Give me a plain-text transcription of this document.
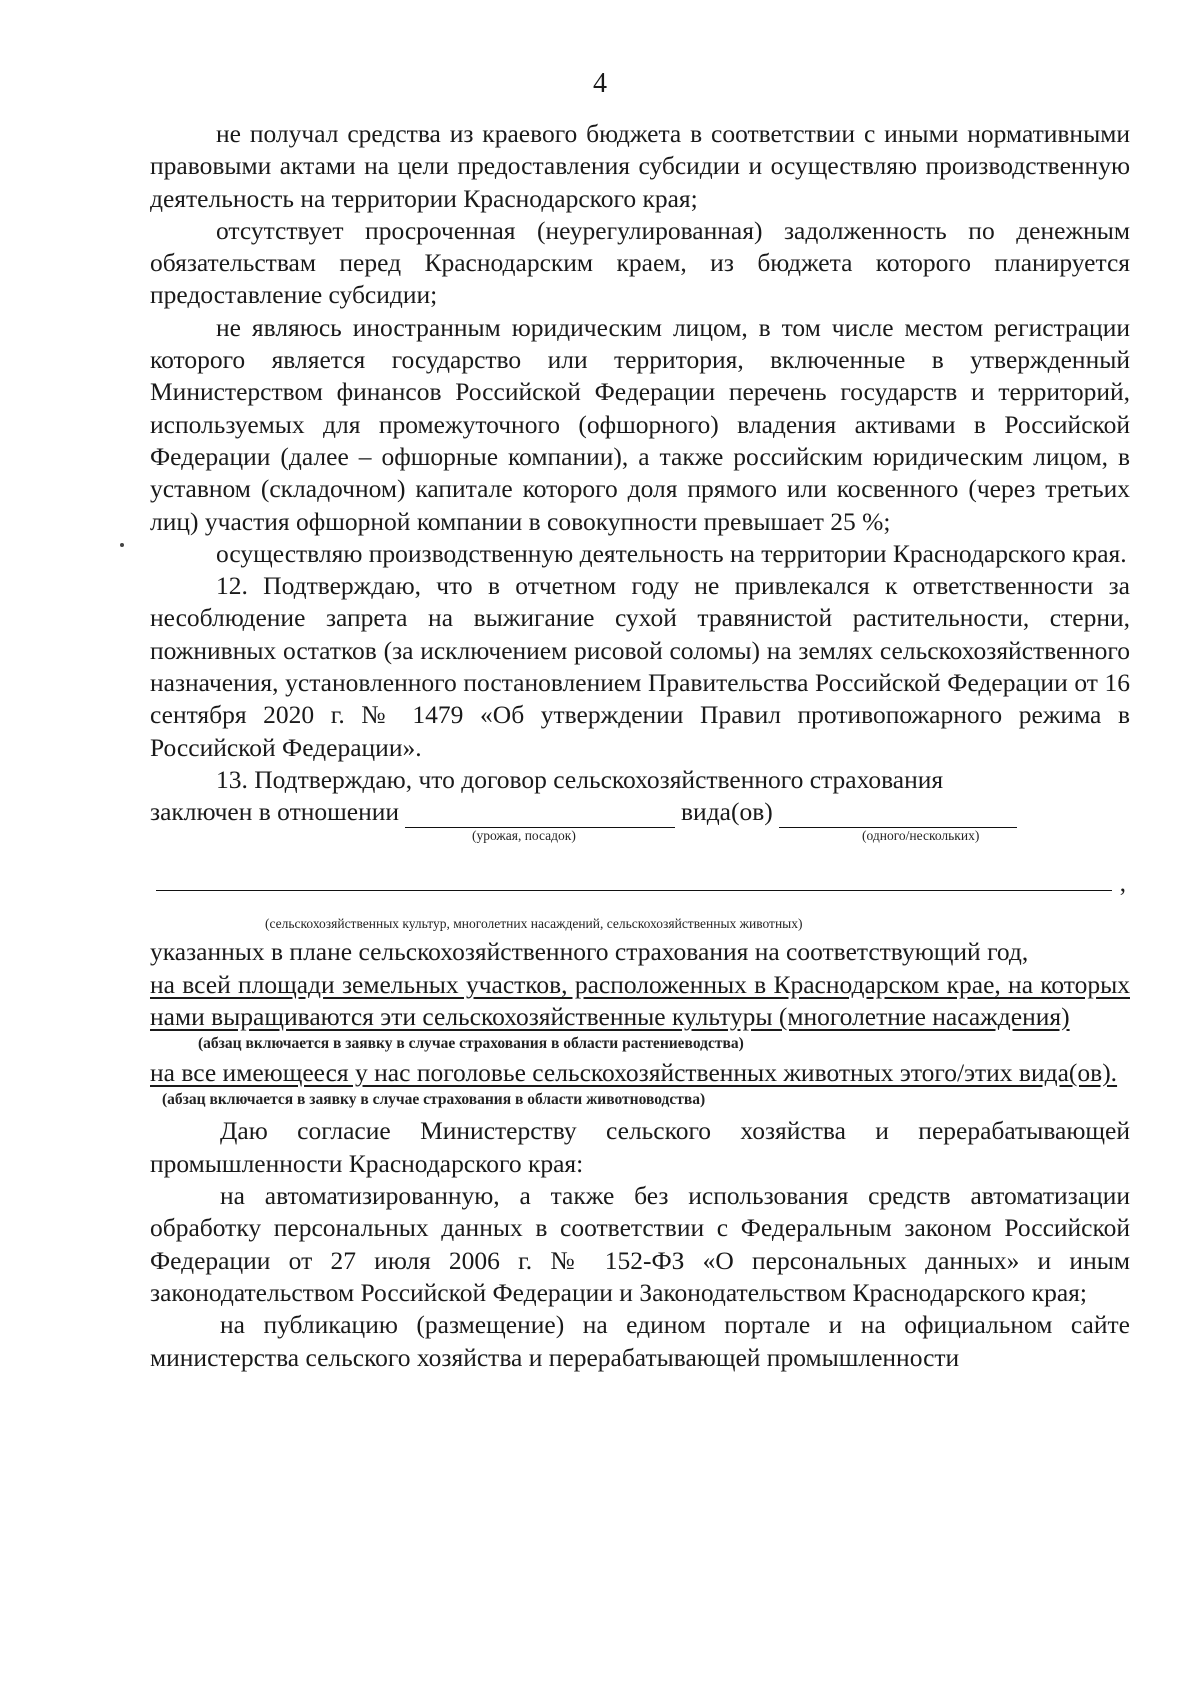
4

не получал средства из краевого бюджета в соответствии с иными нормативными правовыми актами на цели предоставления субсидии и осуществляю производственную деятельность на территории Краснодарского края;

отсутствует просроченная (неурегулированная) задолженность по денежным обязательствам перед Краснодарским краем, из бюджета которого планируется предоставление субсидии;

не являюсь иностранным юридическим лицом, в том числе местом регистрации которого является государство или территория, включенные в утвержденный Министерством финансов Российской Федерации перечень государств и территорий, используемых для промежуточного (офшорного) владения активами в Российской Федерации (далее – офшорные компании), а также российским юридическим лицом, в уставном (складочном) капитале которого доля прямого или косвенного (через третьих лиц) участия офшорной компании в совокупности превышает 25 %;

осуществляю производственную деятельность на территории Краснодарского края.

12. Подтверждаю, что в отчетном году не привлекался к ответственности за несоблюдение запрета на выжигание сухой травянистой растительности, стерни, пожнивных остатков (за исключением рисовой соломы) на землях сельскохозяйственного назначения, установленного постановлением Правительства Российской Федерации от 16 сентября 2020 г. № 1479 «Об утверждении Правил противопожарного режима в Российской Федерации».

13. Подтверждаю, что договор сельскохозяйственного страхования

заключен в отношении	вида(ов)
(урожая, посадок)	(одного/нескольких)
,
(сельскохозяйственных культур, многолетних насаждений, сельскохозяйственных животных)

указанных в плане сельскохозяйственного страхования на соответствующий год,

на всей площади земельных участков, расположенных в Краснодарском крае, на которых нами выращиваются эти сельскохозяйственные культуры (многолетние насаждения)

(абзац включается в заявку в случае страхования в области растениеводства)

на все имеющееся у нас поголовье сельскохозяйственных животных этого/этих вида(ов).

(абзац включается в заявку в случае страхования в области животноводства)

Даю согласие Министерству сельского хозяйства и перерабатывающей промышленности Краснодарского края:

на автоматизированную, а также без использования средств автоматизации обработку персональных данных в соответствии с Федеральным законом Российской Федерации от 27 июля 2006 г. № 152-ФЗ «О персональных данных» и иным законодательством Российской Федерации и Законодательством Краснодарского края;

на публикацию (размещение) на едином портале и на официальном сайте министерства сельского хозяйства и перерабатывающей промышленности
